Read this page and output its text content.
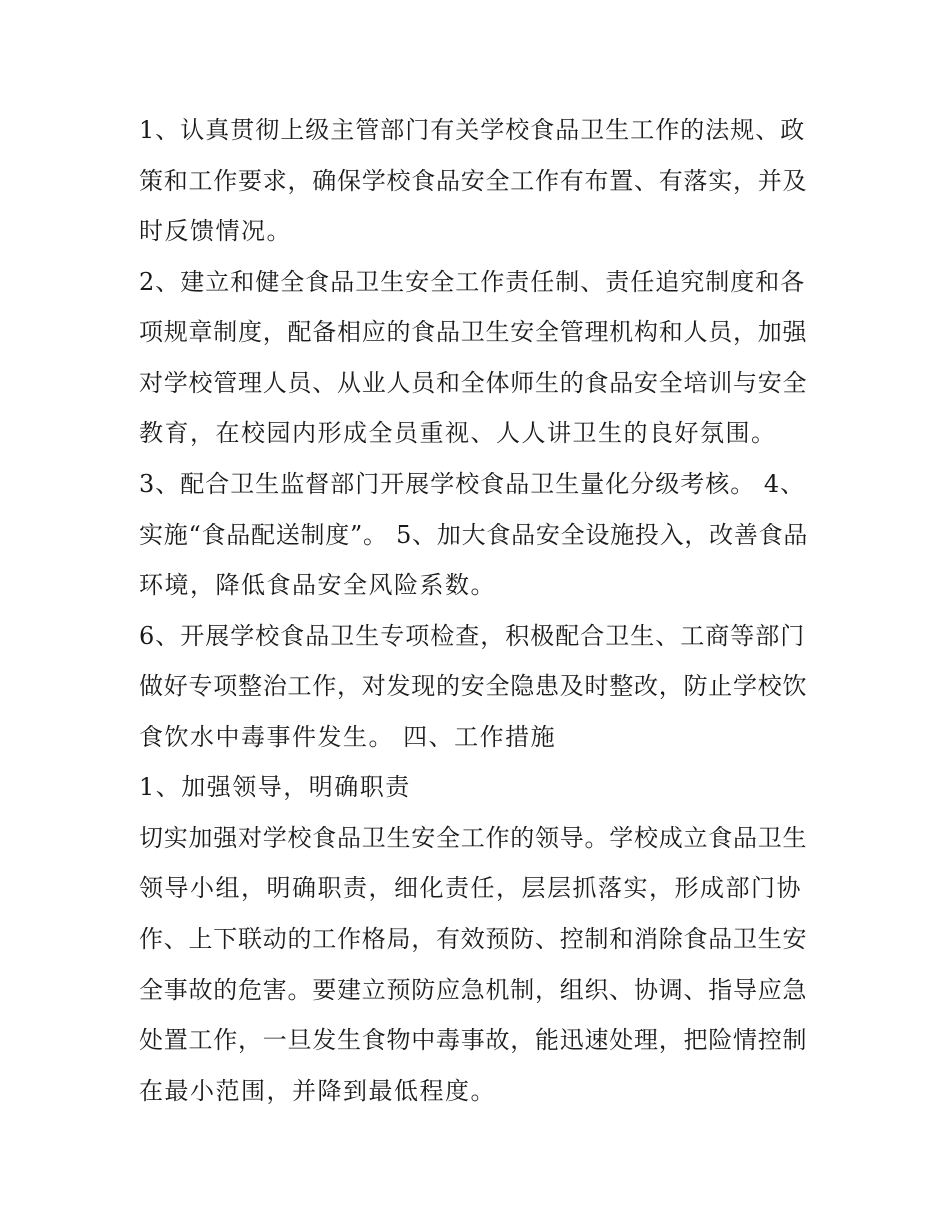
1、认真贯彻上级主管部门有关学校食品卫生工作的法规、政

策和工作要求，确保学校食品安全工作有布置、有落实，并及

时反馈情况。

2、建立和健全食品卫生安全工作责任制、责任追究制度和各

项规章制度，配备相应的食品卫生安全管理机构和人员，加强

对学校管理人员、从业人员和全体师生的食品安全培训与安全

教育，在校园内形成全员重视、人人讲卫生的良好氛围。

3、配合卫生监督部门开展学校食品卫生量化分级考核。 4、

实施“食品配送制度”。 5、加大食品安全设施投入，改善食品

环境，降低食品安全风险系数。

6、开展学校食品卫生专项检查，积极配合卫生、工商等部门

做好专项整治工作，对发现的安全隐患及时整改，防止学校饮

食饮水中毒事件发生。 四、工作措施

1、加强领导，明确职责

切实加强对学校食品卫生安全工作的领导。学校成立食品卫生

领导小组，明确职责，细化责任，层层抓落实，形成部门协

作、上下联动的工作格局，有效预防、控制和消除食品卫生安

全事故的危害。要建立预防应急机制，组织、协调、指导应急

处置工作，一旦发生食物中毒事故，能迅速处理，把险情控制

在最小范围，并降到最低程度。
